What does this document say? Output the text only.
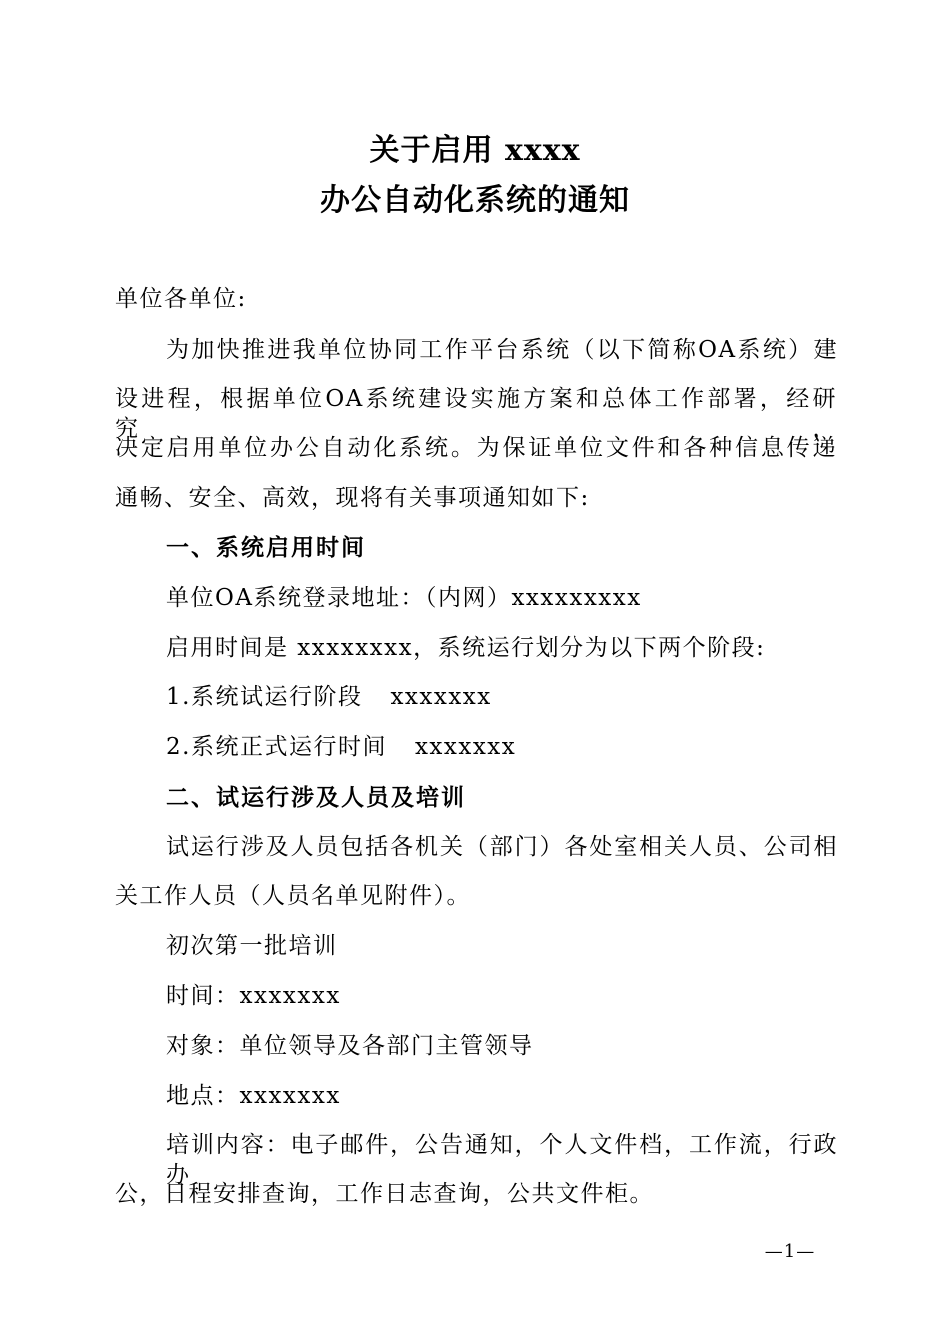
关于启用 xxxx
办公自动化系统的通知
单位各单位:
为加快推进我单位协同工作平台系统（以下简称OA系统）建
设进程，根据单位OA系统建设实施方案和总体工作部署，经研究，
决定启用单位办公自动化系统。为保证单位文件和各种信息传递
通畅、安全、高效，现将有关事项通知如下:
一、系统启用时间
单位OA系统登录地址：（内网）xxxxxxxxx
启用时间是 xxxxxxxx，系统运行划分为以下两个阶段:
1.系统试运行阶段 xxxxxxx
2.系统正式运行时间 xxxxxxx
二、试运行涉及人员及培训
试运行涉及人员包括各机关（部门）各处室相关人员、公司相
关工作人员（人员名单见附件）。
初次第一批培训
时间：xxxxxxx
对象：单位领导及各部门主管领导
地点：xxxxxxx
培训内容：电子邮件，公告通知，个人文件档，工作流，行政办
公，日程安排查询，工作日志查询，公共文件柜。
—1—
